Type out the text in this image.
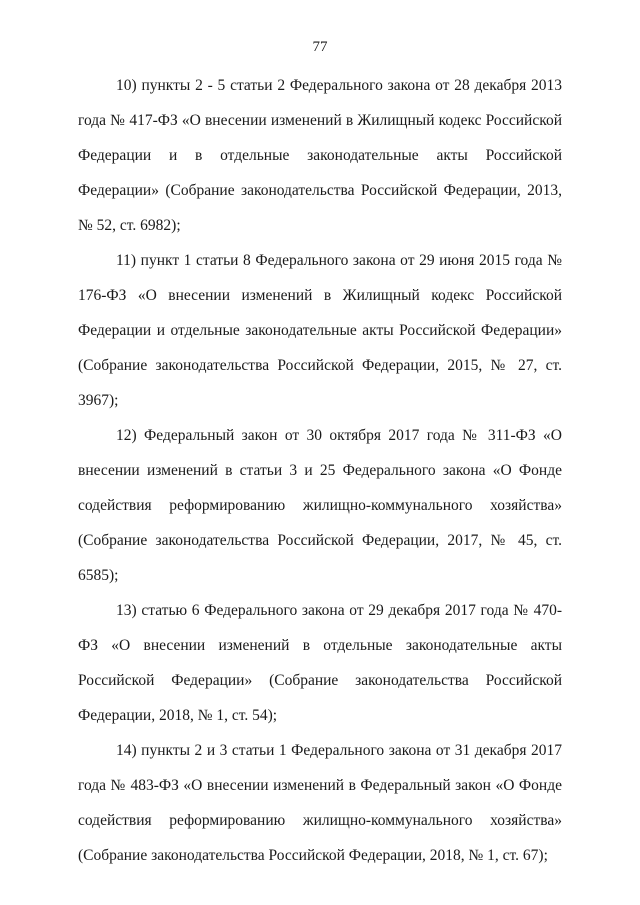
77

10) пункты 2 - 5 статьи 2 Федерального закона от 28 декабря 2013 года № 417-ФЗ «О внесении изменений в Жилищный кодекс Российской Федерации и в отдельные законодательные акты Российской Федерации» (Собрание законодательства Российской Федерации, 2013, № 52, ст. 6982);

11) пункт 1 статьи 8 Федерального закона от 29 июня 2015 года № 176-ФЗ «О внесении изменений в Жилищный кодекс Российской Федерации и отдельные законодательные акты Российской Федерации» (Собрание законодательства Российской Федерации, 2015, № 27, ст. 3967);

12) Федеральный закон от 30 октября 2017 года № 311-ФЗ «О внесении изменений в статьи 3 и 25 Федерального закона «О Фонде содействия реформированию жилищно-коммунального хозяйства» (Собрание законодательства Российской Федерации, 2017, № 45, ст. 6585);

13) статью 6 Федерального закона от 29 декабря 2017 года № 470-ФЗ «О внесении изменений в отдельные законодательные акты Российской Федерации» (Собрание законодательства Российской Федерации, 2018, № 1, ст. 54);

14) пункты 2 и 3 статьи 1 Федерального закона от 31 декабря 2017 года № 483-ФЗ «О внесении изменений в Федеральный закон «О Фонде содействия реформированию жилищно-коммунального хозяйства» (Собрание законодательства Российской Федерации, 2018, № 1, ст. 67);
